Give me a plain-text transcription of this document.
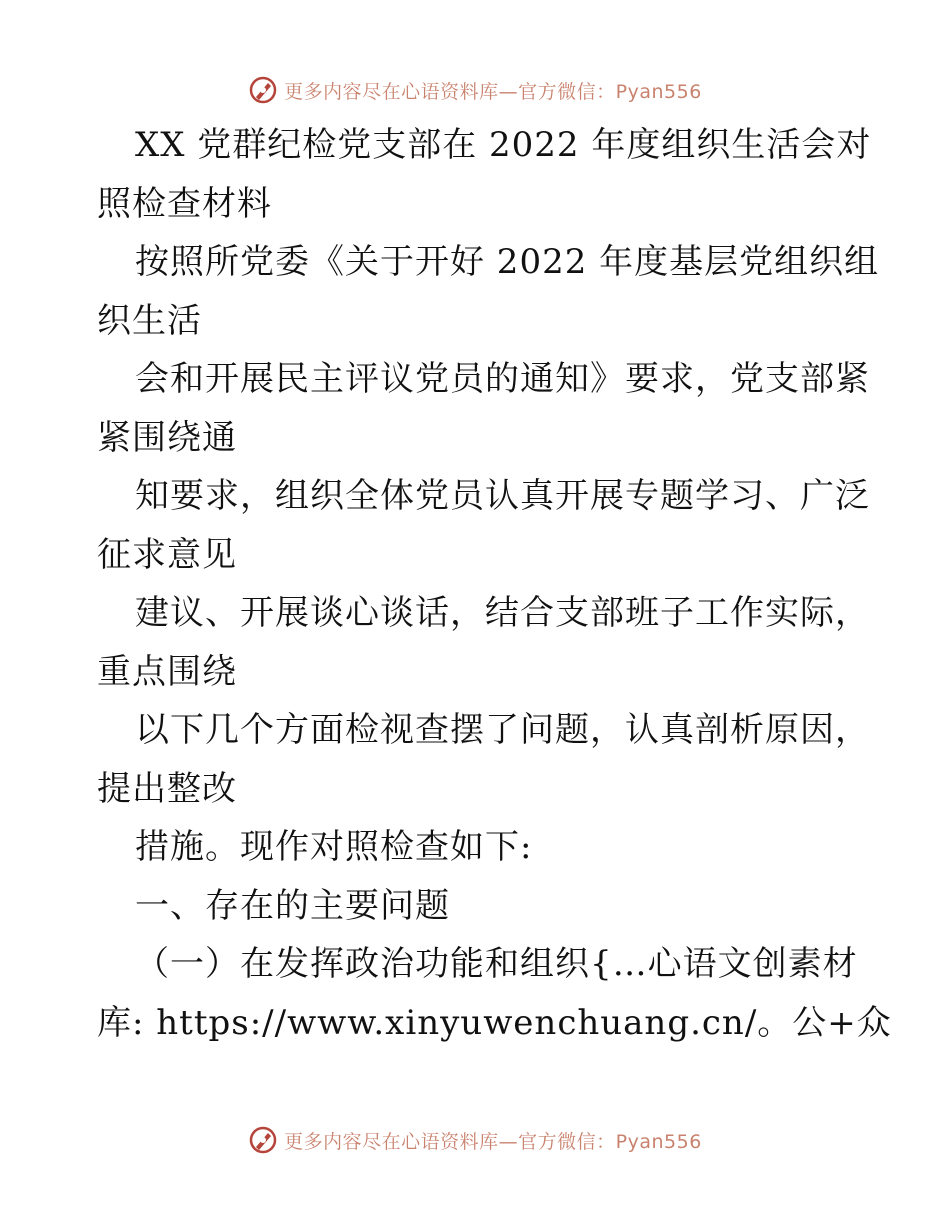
更多内容尽在心语资料库—官方微信：Pyan556
XX 党群纪检党支部在 2022 年度组织生活会对
照检查材料
按照所党委《关于开好 2022 年度基层党组织组
织生活
会和开展民主评议党员的通知》要求，党支部紧
紧围绕通
知要求，组织全体党员认真开展专题学习、广泛
征求意见
建议、开展谈心谈话，结合支部班子工作实际，
重点围绕
以下几个方面检视查摆了问题，认真剖析原因，
提出整改
措施。现作对照检查如下:
一、存在的主要问题
（一）在发挥政治功能和组织{…心语文创素材
库: https://www.xinyuwenchuang.cn/。公+众
更多内容尽在心语资料库—官方微信：Pyan556
